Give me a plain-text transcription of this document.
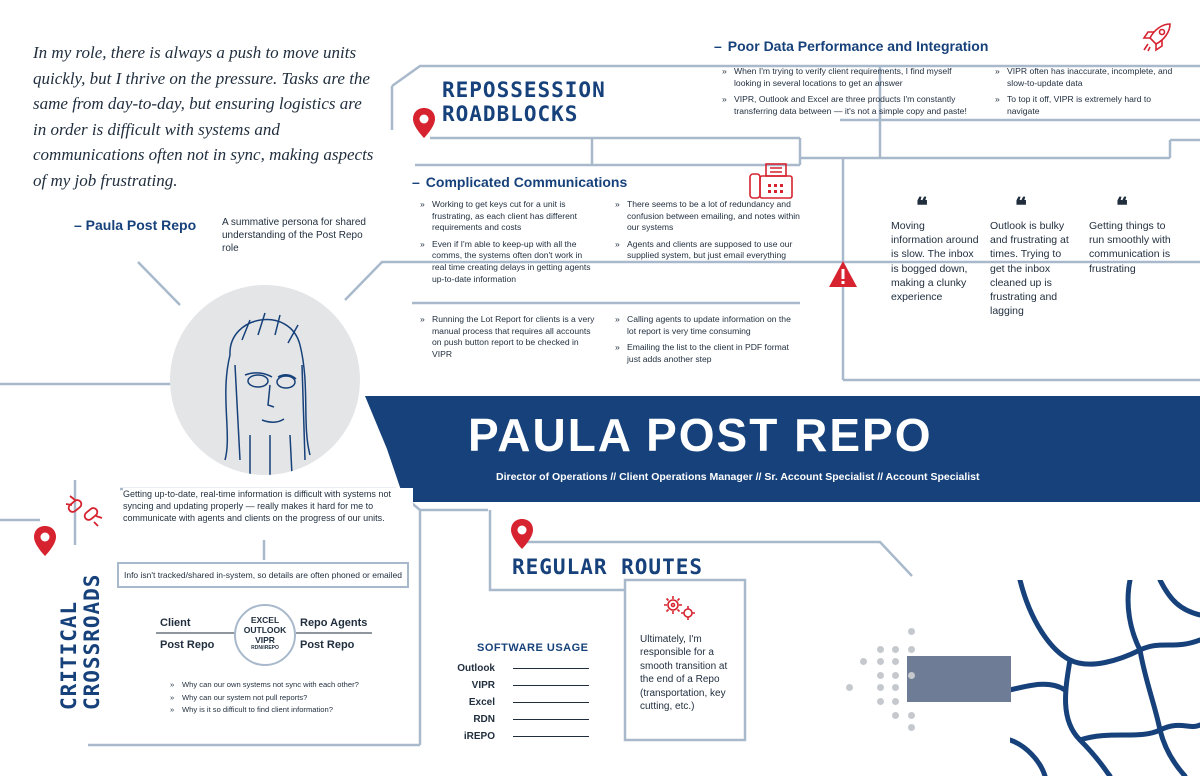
In my role, there is always a push to move units quickly, but I thrive on the pressure. Tasks are the same from day-to-day, but ensuring logistics are in order is difficult with systems and communications often not in sync, making aspects of my job frustrating.
– Paula Post Repo	A summative persona for shared understanding of the Post Repo role
REPOSSESSION
ROADBLOCKS
– Poor Data Performance and Integration
» When I'm trying to verify client requirements, I find myself looking in several locations to get an answer
» VIPR, Outlook and Excel are three products I'm constantly transferring data between — it's not a simple copy and paste!
» VIPR often has inaccurate, incomplete, and slow-to-update data
» To top it off, VIPR is extremely hard to navigate
– Complicated Communications
» Working to get keys cut for a unit is frustrating, as each client has different requirements and costs
» Even if I'm able to keep-up with all the comms, the systems often don't work in real time creating delays in getting agents up-to-date information
» There seems to be a lot of redundancy and confusion between emailing, and notes within our systems
» Agents and clients are supposed to use our supplied system, but just email everything
» Running the Lot Report for clients is a very manual process that requires all accounts on push button report to be checked in VIPR
» Calling agents to update information on the lot report is very time consuming
» Emailing the list to the client in PDF format just adds another step
❝	❝	❝
Moving information around is slow. The inbox is bogged down, making a clunky experience
Outlook is bulky and frustrating at times. Trying to get the inbox cleaned up is frustrating and lagging
Getting things to run smoothly with communication is frustrating
PAULA POST REPO
Director of Operations // Client Operations Manager // Sr. Account Specialist // Account Specialist
CRITICAL CROSSROADS
Getting up-to-date, real-time information is difficult with systems not syncing and updating properly — really makes it hard for me to communicate with agents and clients on the progress of our units.
Info isn't tracked/shared in-system, so details are often phoned or emailed
Client
Post Repo
Repo Agents
Post Repo
EXCEL
OUTLOOK
VIPR
RDN/iREPO
» Why can our own systems not sync with each other?
» Why can our system not pull reports?
» Why is it so difficult to find client information?
REGULAR ROUTES
SOFTWARE USAGE
Outlook
VIPR
Excel
RDN
iREPO
Ultimately, I'm responsible for a smooth transition at the end of a Repo (transportation, key cutting, etc.)
